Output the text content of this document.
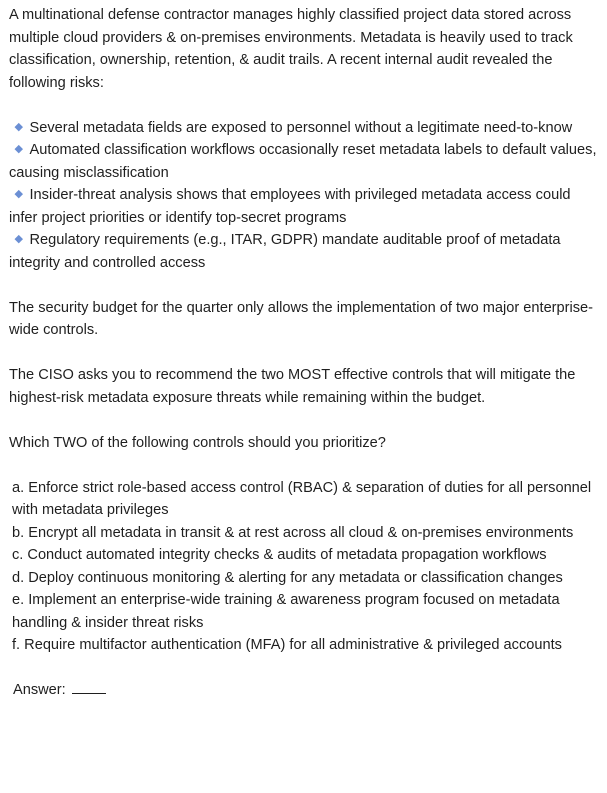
A multinational defense contractor manages highly classified project data stored across multiple cloud providers & on-premises environments. Metadata is heavily used to track classification, ownership, retention, & audit trails. A recent internal audit revealed the following risks:

Several metadata fields are exposed to personnel without a legitimate need-to-know

Automated classification workflows occasionally reset metadata labels to default values, causing misclassification

Insider-threat analysis shows that employees with privileged metadata access could infer project priorities or identify top-secret programs

Regulatory requirements (e.g., ITAR, GDPR) mandate auditable proof of metadata integrity and controlled access

The security budget for the quarter only allows the implementation of two major enterprise-wide controls.

The CISO asks you to recommend the two MOST effective controls that will mitigate the highest-risk metadata exposure threats while remaining within the budget.

Which TWO of the following controls should you prioritize?

a. Enforce strict role-based access control (RBAC) & separation of duties for all personnel with metadata privileges

b. Encrypt all metadata in transit & at rest across all cloud & on-premises environments

c. Conduct automated integrity checks & audits of metadata propagation workflows

d. Deploy continuous monitoring & alerting for any metadata or classification changes

e. Implement an enterprise-wide training & awareness program focused on metadata handling & insider threat risks

f. Require multifactor authentication (MFA) for all administrative & privileged accounts

Answer:
